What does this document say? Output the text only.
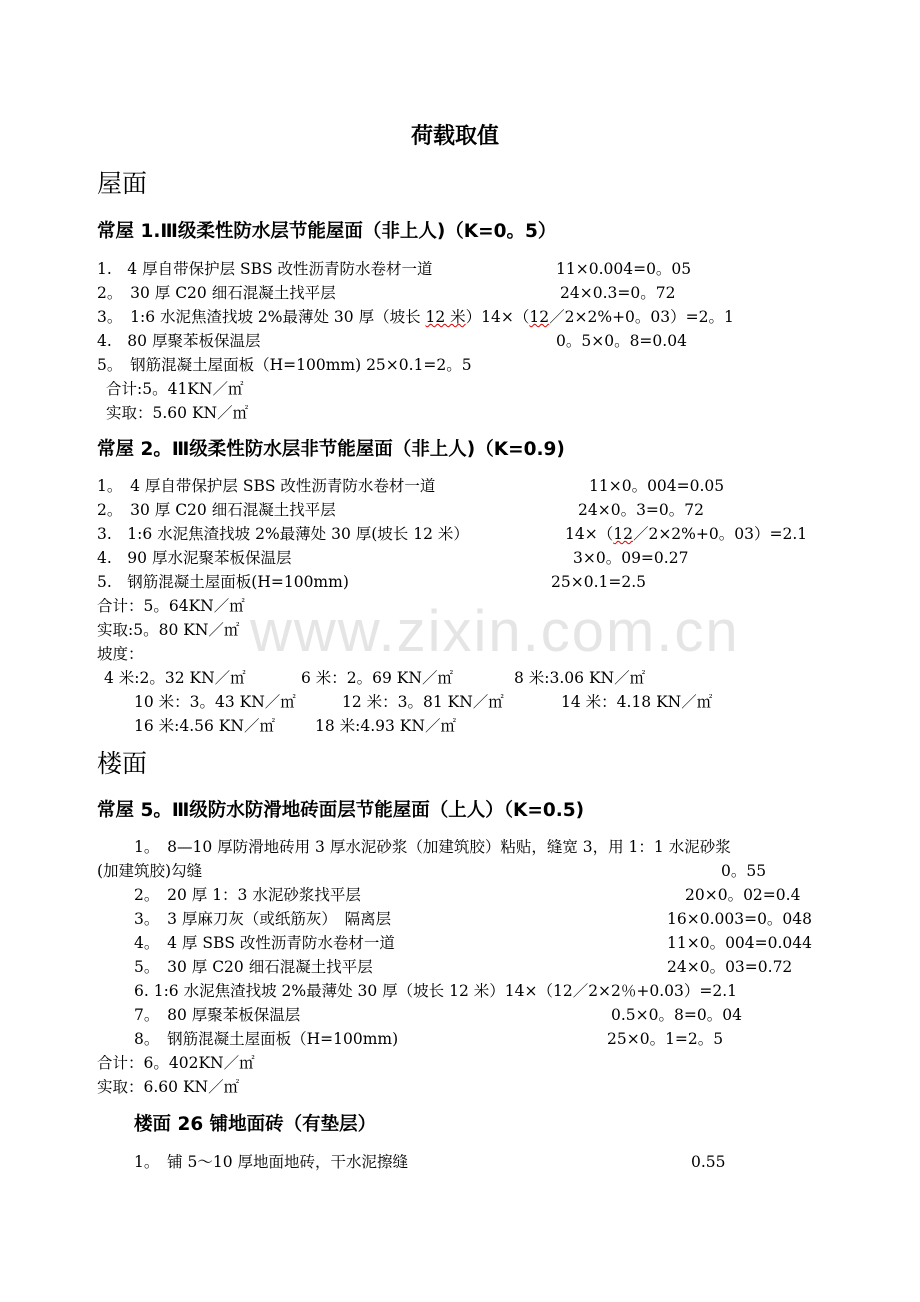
www.zixin.com.cn
荷载取值
屋面
常屋 1.Ⅲ级柔性防水层节能屋面（非上人)（K=0。5）
1.　4 厚自带保护层 SBS 改性沥青防水卷材一道	11×0.004=0。05
2。　30 厚 C20 细石混凝土找平层	24×0.3=0。72
3。　1:6 水泥焦渣找坡 2%最薄处 30 厚（坡长 12 米）14×（12／2×2%+0。03）=2。1
4.　80 厚聚苯板保温层	0。5×0。8=0.04
5。　钢筋混凝土屋面板（H=100mm) 25×0.1=2。5
合计:5。41KN／㎡
实取：5.60 KN／㎡
常屋 2。Ⅲ级柔性防水层非节能屋面（非上人)（K=0.9)
1。　4 厚自带保护层 SBS 改性沥青防水卷材一道	11×0。004=0.05
2。　30 厚 C20 细石混凝土找平层	24×0。3=0。72
3.　1:6 水泥焦渣找坡 2%最薄处 30 厚(坡长 12 米）	14×（12／2×2%+0。03）=2.1
4.　90 厚水泥聚苯板保温层	3×0。09=0.27
5.　钢筋混凝土屋面板(H=100mm)	25×0.1=2.5
合计：5。64KN／㎡
实取:5。80 KN／㎡
坡度：
4 米:2。32 KN／㎡	6 米：2。69 KN／㎡	8 米:3.06 KN／㎡
10 米：3。43 KN／㎡	12 米：3。81 KN／㎡	14 米：4.18 KN／㎡
16 米:4.56 KN／㎡	18 米:4.93 KN／㎡
楼面
常屋 5。Ⅲ级防水防滑地砖面层节能屋面（上人）（K=0.5)
1。　8—10 厚防滑地砖用 3 厚水泥砂浆（加建筑胶）粘贴，缝宽 3，用 1：1 水泥砂浆
(加建筑胶)勾缝	0。55
2。　20 厚 1：3 水泥砂浆找平层	20×0。02=0.4
3。　3 厚麻刀灰（或纸筋灰）　隔离层	16×0.003=0。048
4。　4 厚 SBS 改性沥青防水卷材一道	11×0。004=0.044
5。　30 厚 C20 细石混凝土找平层	24×0。03=0.72
6. 1:6 水泥焦渣找坡 2%最薄处 30 厚（坡长 12 米）14×（12／2×2％+0.03）=2.1
7。　80 厚聚苯板保温层	0.5×0。8=0。04
8。　钢筋混凝土屋面板（H=100mm)	25×0。1=2。5
合计：6。402KN／㎡
实取：6.60 KN／㎡
楼面 26 铺地面砖（有垫层）
1。　铺 5～10 厚地面地砖，干水泥擦缝	0.55
